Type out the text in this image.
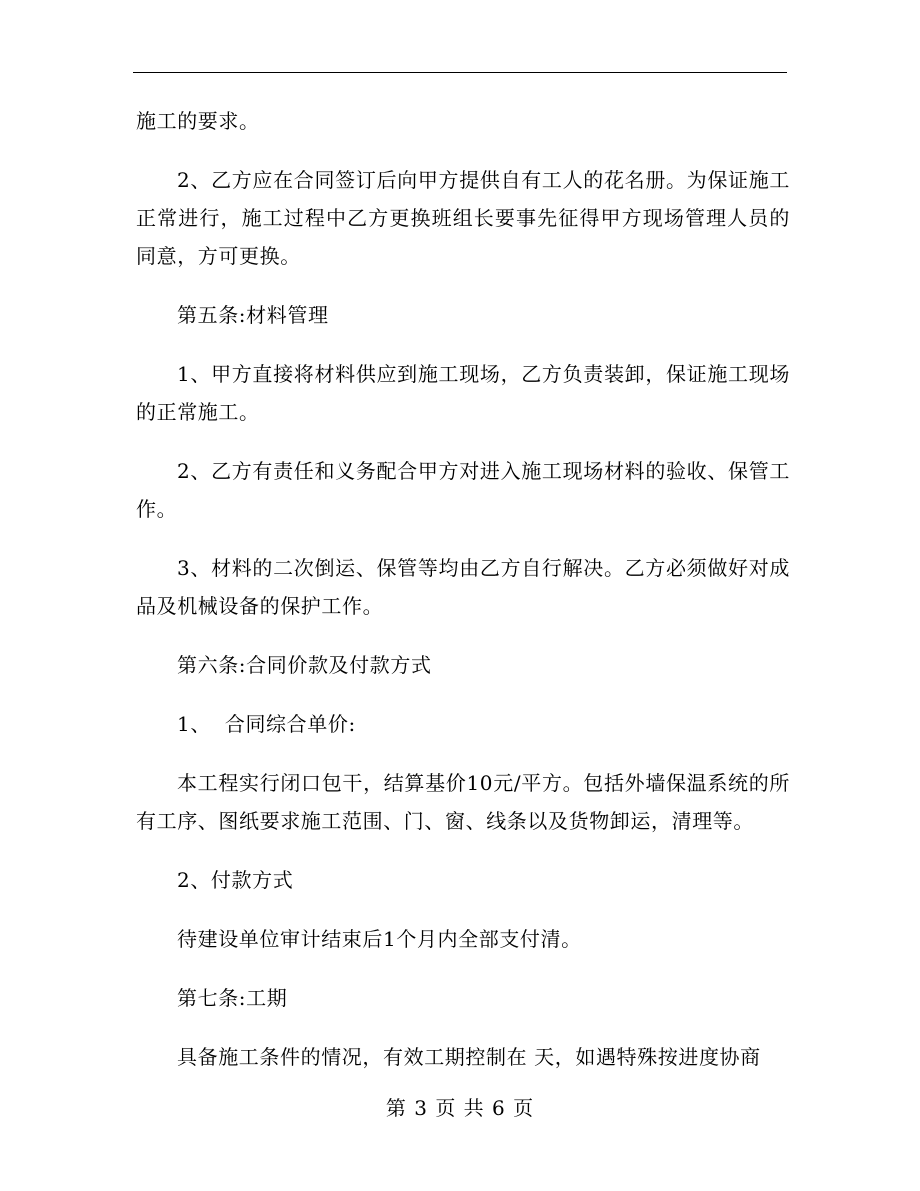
施工的要求。

2、乙方应在合同签订后向甲方提供自有工人的花名册。为保证施工正常进行，施工过程中乙方更换班组长要事先征得甲方现场管理人员的同意，方可更换。

第五条:材料管理

1、甲方直接将材料供应到施工现场，乙方负责装卸，保证施工现场的正常施工。

2、乙方有责任和义务配合甲方对进入施工现场材料的验收、保管工作。

3、材料的二次倒运、保管等均由乙方自行解决。乙方必须做好对成品及机械设备的保护工作。

第六条:合同价款及付款方式

1、  合同综合单价:

本工程实行闭口包干，结算基价10元/平方。包括外墙保温系统的所有工序、图纸要求施工范围、门、窗、线条以及货物卸运，清理等。

2、付款方式

待建设单位审计结束后1个月内全部支付清。

第七条:工期

具备施工条件的情况，有效工期控制在 天，如遇特殊按进度协商

第 3 页 共 6 页
